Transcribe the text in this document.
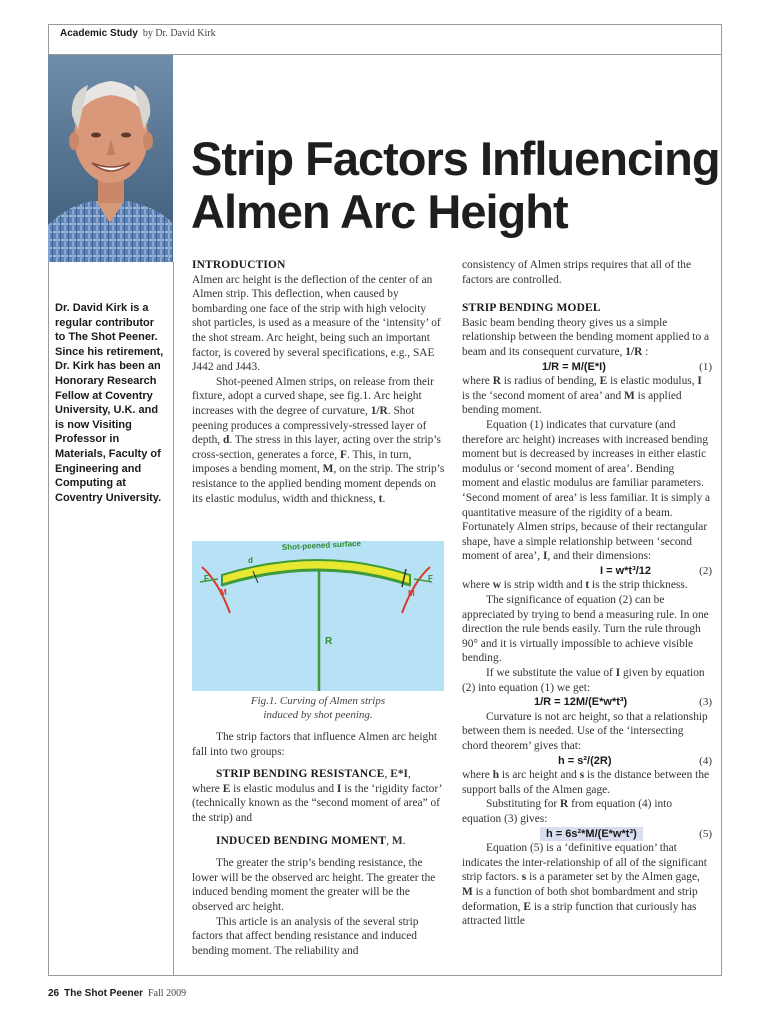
Academic Study by Dr. David Kirk
Strip Factors Influencing
Almen Arc Height
Dr. David Kirk is a regular contributor to The Shot Peener. Since his retirement, Dr. Kirk has been an Honorary Research Fellow at Coventry University, U.K. and is now Visiting Professor in Materials, Faculty of Engineering and Computing at Coventry University.

INTRODUCTION

Almen arc height is the deflection of the center of an Almen strip. This deflection, when caused by bombarding one face of the strip with high velocity shot particles, is used as a measure of the ‘intensity’ of the shot stream. Arc height, being such an important factor, is covered by several specifications, e.g., SAE J442 and J443.

Shot-peened Almen strips, on release from their fixture, adopt a curved shape, see fig.1. Arc height increases with the degree of curvature, 1/R. Shot peening produces a compressively-stressed layer of depth, d. The stress in this layer, acting over the strip’s cross-section, generates a force, F. This, in turn, imposes a bending moment, M, on the strip. The strip’s resistance to the applied bending moment depends on its elastic modulus, width and thickness, t.

Shot-peened surface
d
F	F
M	M
R
Fig.1. Curving of Almen strips
induced by shot peening.

The strip factors that influence Almen arc height fall into two groups:

STRIP BENDING RESISTANCE, E*I,

where E is elastic modulus and I is the ‘rigidity factor’ (technically known as the “second moment of area” of the strip) and

INDUCED BENDING MOMENT, M.

The greater the strip’s bending resistance, the lower will be the observed arc height. The greater the induced bending moment the greater will be the observed arc height.

This article is an analysis of the several strip factors that affect bending resistance and induced bending moment. The reliability and

consistency of Almen strips requires that all of the factors are controlled.

STRIP BENDING MODEL

Basic beam bending theory gives us a simple relationship between the bending moment applied to a beam and its consequent curvature, 1/R :

1/R = M/(E*I)	(1)

where R is radius of bending, E is elastic modulus, I is the ‘second moment of area’ and M is applied bending moment.

Equation (1) indicates that curvature (and therefore arc height) increases with increased bending moment but is decreased by increases in either elastic modulus or ‘second moment of area’. Bending moment and elastic modulus are familiar parameters. ‘Second moment of area’ is less familiar. It is simply a quantitative measure of the rigidity of a beam. Fortunately Almen strips, because of their rectangular shape, have a simple relationship between ‘second moment of area’, I, and their dimensions:

I = w*t³/12	(2)

where w is strip width and t is the strip thickness.

The significance of equation (2) can be appreciated by trying to bend a measuring rule. In one direction the rule bends easily. Turn the rule through 90° and it is virtually impossible to achieve visible bending.

If we substitute the value of I given by equation (2) into equation (1) we get:

1/R = 12M/(E*w*t³)	(3)

Curvature is not arc height, so that a relationship between them is needed. Use of the ‘intersecting chord theorem’ gives that:

h = s²/(2R)	(4)

where h is arc height and s is the distance between the support balls of the Almen gage.

Substituting for R from equation (4) into equation (3) gives:

h = 6s²*M/(E*w*t³)	(5)

Equation (5) is a ‘definitive equation’ that indicates the inter-relationship of all of the significant strip factors. s is a parameter set by the Almen gage, M is a function of both shot bombardment and strip deformation, E is a strip function that curiously has attracted little

26 The Shot Peener Fall 2009
